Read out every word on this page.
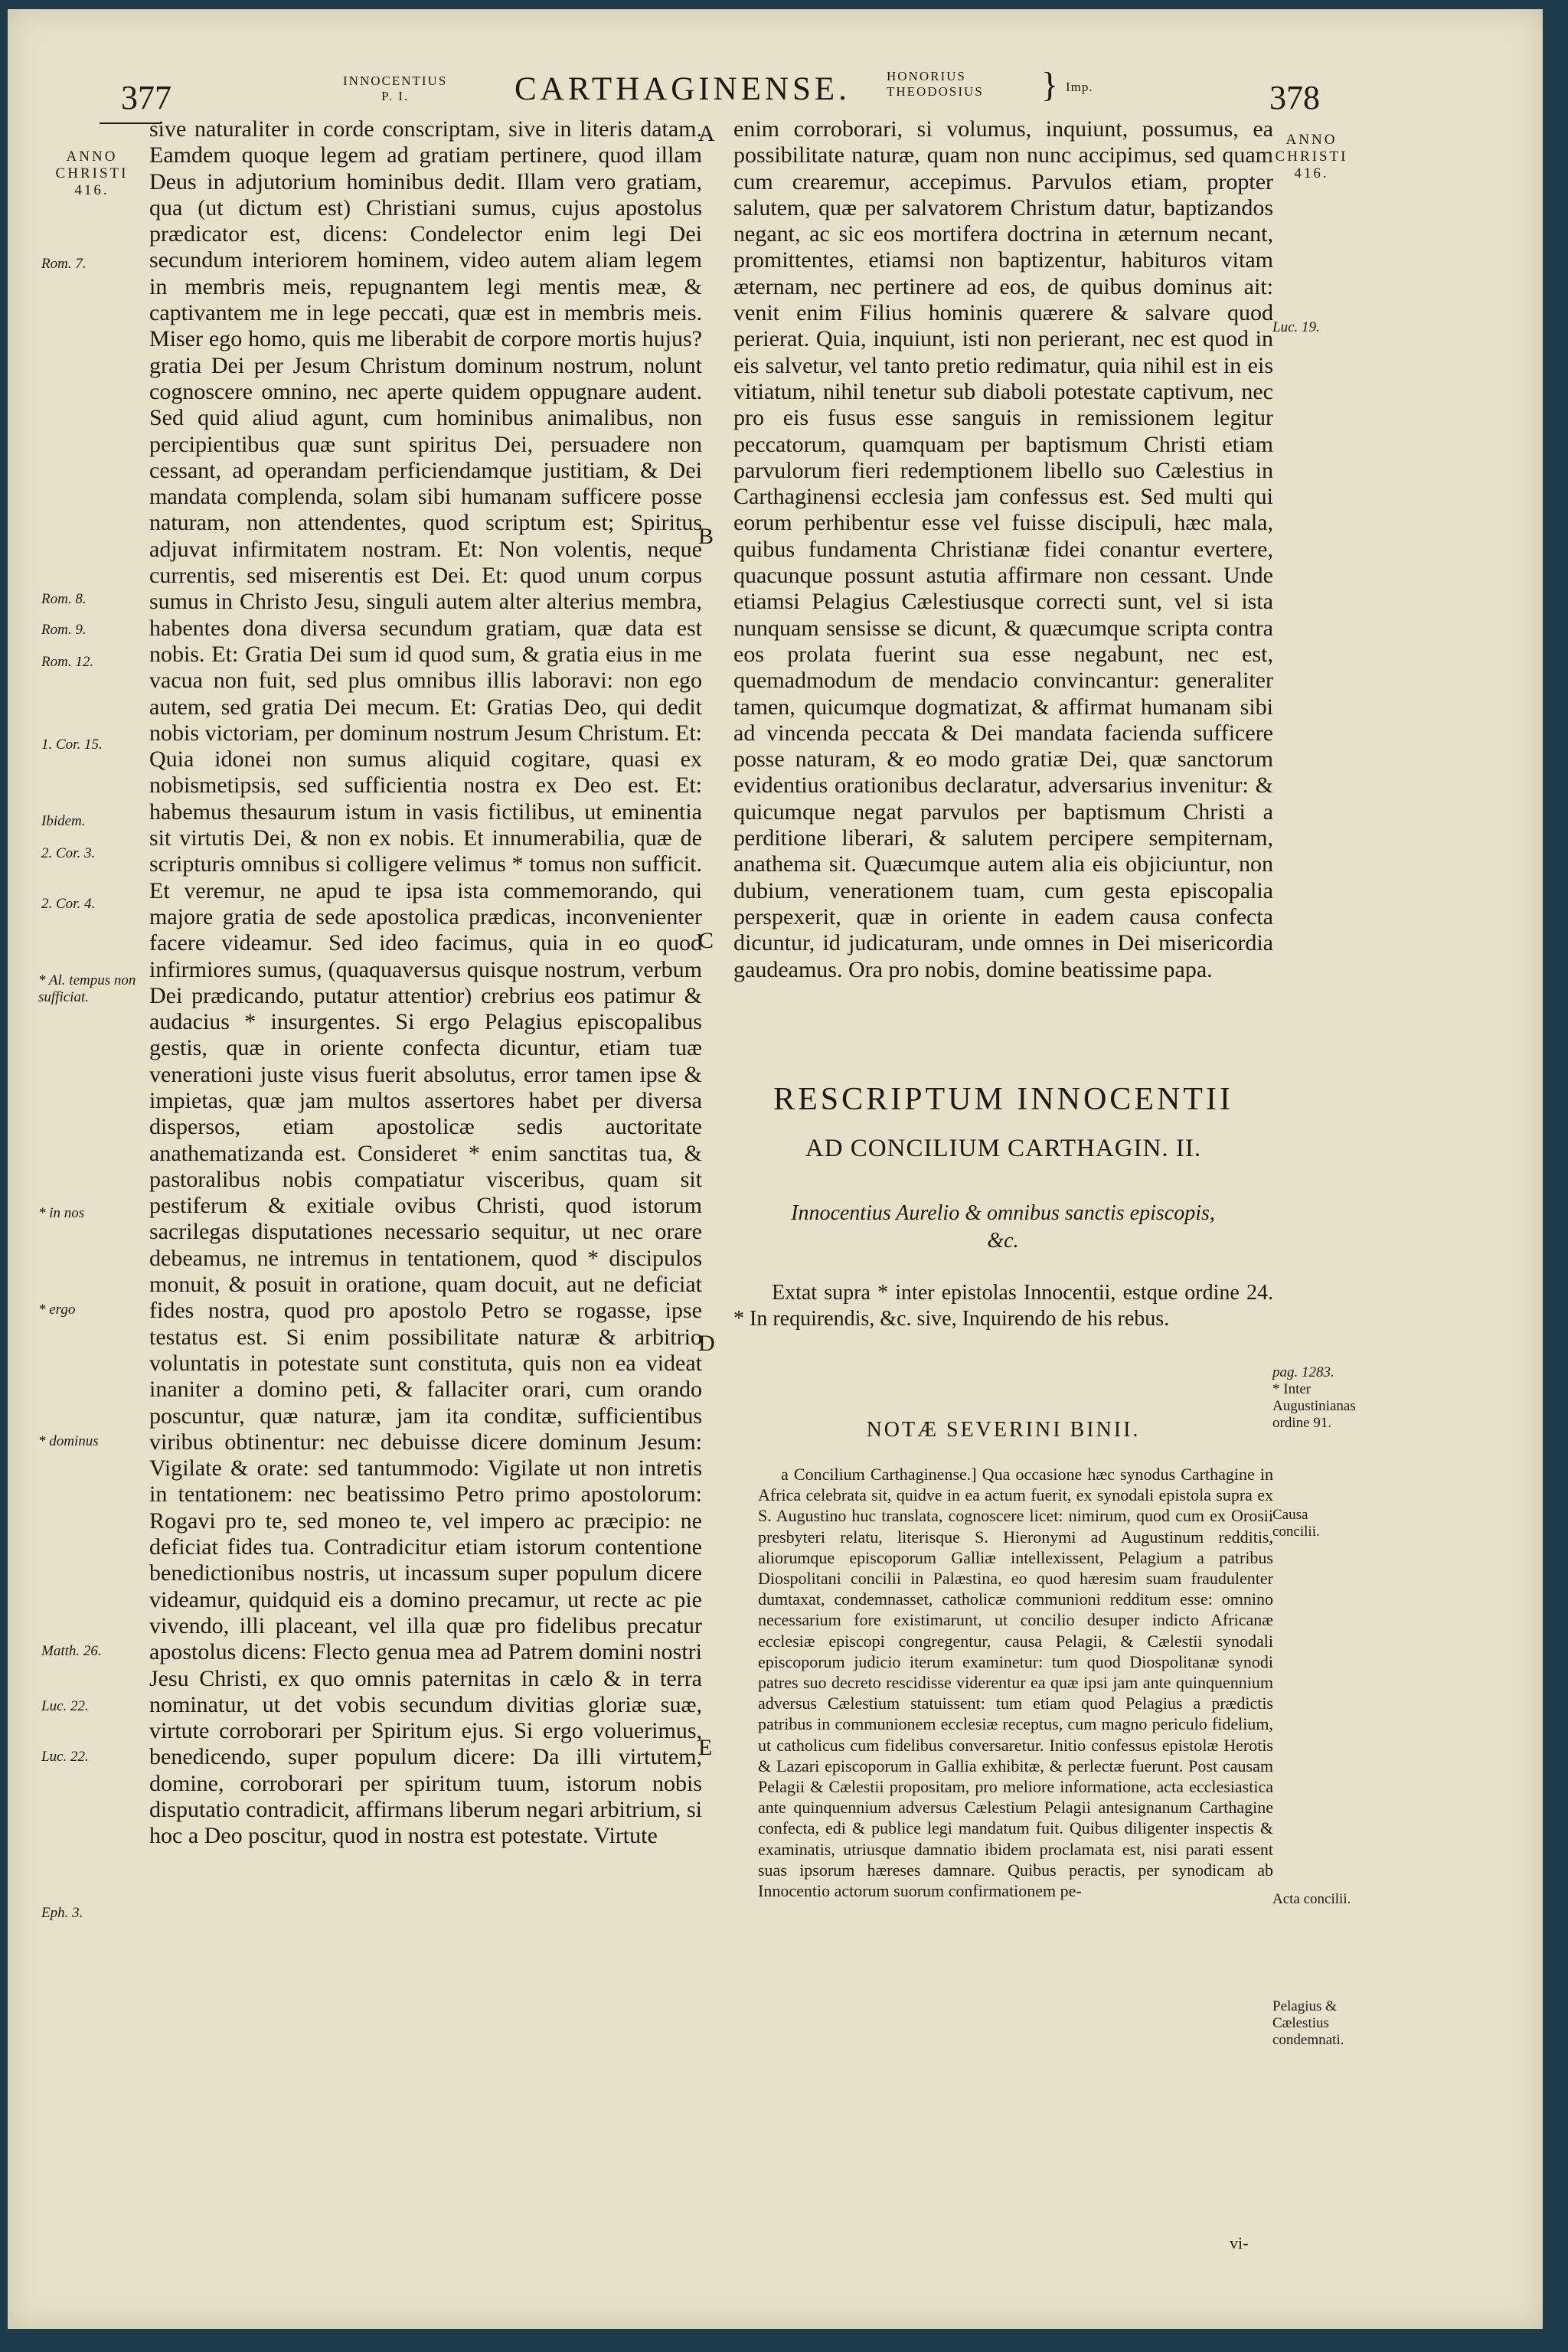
377	INNOCENTIUS
P. I.	CARTHAGINENSE.	HONORIUS
THEODOSIUS } Imp.	378
ANNO
CHRISTI
416.
ANNO
CHRISTI
416.
Rom. 7.
Rom. 8.
Rom. 9.
Rom. 12.
1. Cor. 15.
Ibidem.
2. Cor. 3.
2. Cor. 4.
* Al. tempus non sufficiat.
* in nos
* ergo
* dominus
Matth. 26.
Luc. 22.
Luc. 22.
Eph. 3.

sive naturaliter in corde conscriptam, sive in literis datam. Eamdem quoque legem ad gratiam pertinere, quod illam Deus in adjutorium hominibus dedit. Illam vero gratiam, qua (ut dictum est) Christiani sumus, cujus apostolus prædicator est, dicens: Condelector enim legi Dei secundum interiorem hominem, video autem aliam legem in membris meis, repugnantem legi mentis meæ, & captivantem me in lege peccati, quæ est in membris meis. Miser ego homo, quis me liberabit de corpore mortis hujus? gratia Dei per Jesum Christum dominum nostrum, nolunt cognoscere omnino, nec aperte quidem oppugnare audent. Sed quid aliud agunt, cum hominibus animalibus, non percipientibus quæ sunt spiritus Dei, persuadere non cessant, ad operandam perficiendamque justitiam, & Dei mandata complenda, solam sibi humanam sufficere posse naturam, non attendentes, quod scriptum est; Spiritus adjuvat infirmitatem nostram. Et: Non volentis, neque currentis, sed miserentis est Dei. Et: quod unum corpus sumus in Christo Jesu, singuli autem alter alterius membra, habentes dona diversa secundum gratiam, quæ data est nobis. Et: Gratia Dei sum id quod sum, & gratia eius in me vacua non fuit, sed plus omnibus illis laboravi: non ego autem, sed gratia Dei mecum. Et: Gratias Deo, qui dedit nobis victoriam, per dominum nostrum Jesum Christum. Et: Quia idonei non sumus aliquid cogitare, quasi ex nobismetipsis, sed sufficientia nostra ex Deo est. Et: habemus thesaurum istum in vasis fictilibus, ut eminentia sit virtutis Dei, & non ex nobis. Et innumerabilia, quæ de scripturis omnibus si colligere velimus * tomus non sufficit. Et veremur, ne apud te ipsa ista commemorando, qui majore gratia de sede apostolica prædicas, inconvenienter facere videamur. Sed ideo facimus, quia in eo quod infirmiores sumus, (quaquaversus quisque nostrum, verbum Dei prædicando, putatur attentior) crebrius eos patimur & audacius * insurgentes. Si ergo Pelagius episcopalibus gestis, quæ in oriente confecta dicuntur, etiam tuæ venerationi juste visus fuerit absolutus, error tamen ipse & impietas, quæ jam multos assertores habet per diversa dispersos, etiam apostolicæ sedis auctoritate anathematizanda est. Consideret * enim sanctitas tua, & pastoralibus nobis compatiatur visceribus, quam sit pestiferum & exitiale ovibus Christi, quod istorum sacrilegas disputationes necessario sequitur, ut nec orare debeamus, ne intremus in tentationem, quod * discipulos monuit, & posuit in oratione, quam docuit, aut ne deficiat fides nostra, quod pro apostolo Petro se rogasse, ipse testatus est. Si enim possibilitate naturæ & arbitrio voluntatis in potestate sunt constituta, quis non ea videat inaniter a domino peti, & fallaciter orari, cum orando poscuntur, quæ naturæ, jam ita conditæ, sufficientibus viribus obtinentur: nec debuisse dicere dominum Jesum: Vigilate & orate: sed tantummodo: Vigilate ut non intretis in tentationem: nec beatissimo Petro primo apostolorum: Rogavi pro te, sed moneo te, vel impero ac præcipio: ne deficiat fides tua. Contradicitur etiam istorum contentione benedictionibus nostris, ut incassum super populum dicere videamur, quidquid eis a domino precamur, ut recte ac pie vivendo, illi placeant, vel illa quæ pro fidelibus precatur apostolus dicens: Flecto genua mea ad Patrem domini nostri Jesu Christi, ex quo omnis paternitas in cælo & in terra nominatur, ut det vobis secundum divitias gloriæ suæ, virtute corroborari per Spiritum ejus. Si ergo voluerimus, benedicendo, super populum dicere: Da illi virtutem, domine, corroborari per spiritum tuum, istorum nobis disputatio contradicit, affirmans liberum negari arbitrium, si hoc a Deo poscitur, quod in nostra est potestate. Virtute

A
B
C
D
E

enim corroborari, si volumus, inquiunt, possumus, ea possibilitate naturæ, quam non nunc accipimus, sed quam cum crearemur, accepimus. Parvulos etiam, propter salutem, quæ per salvatorem Christum datur, baptizandos negant, ac sic eos mortifera doctrina in æternum necant, promittentes, etiamsi non baptizentur, habituros vitam æternam, nec pertinere ad eos, de quibus dominus ait: venit enim Filius hominis quærere & salvare quod perierat. Quia, inquiunt, isti non perierant, nec est quod in eis salvetur, vel tanto pretio redimatur, quia nihil est in eis vitiatum, nihil tenetur sub diaboli potestate captivum, nec pro eis fusus esse sanguis in remissionem legitur peccatorum, quamquam per baptismum Christi etiam parvulorum fieri redemptionem libello suo Cælestius in Carthaginensi ecclesia jam confessus est. Sed multi qui eorum perhibentur esse vel fuisse discipuli, hæc mala, quibus fundamenta Christianæ fidei conantur evertere, quacunque possunt astutia affirmare non cessant. Unde etiamsi Pelagius Cælestiusque correcti sunt, vel si ista nunquam sensisse se dicunt, & quæcumque scripta contra eos prolata fuerint sua esse negabunt, nec est, quemadmodum de mendacio convincantur: generaliter tamen, quicumque dogmatizat, & affirmat humanam sibi ad vincenda peccata & Dei mandata facienda sufficere posse naturam, & eo modo gratiæ Dei, quæ sanctorum evidentius orationibus declaratur, adversarius invenitur: & quicumque negat parvulos per baptismum Christi a perditione liberari, & salutem percipere sempiternam, anathema sit. Quæcumque autem alia eis objiciuntur, non dubium, venerationem tuam, cum gesta episcopalia perspexerit, quæ in oriente in eadem causa confecta dicuntur, id judicaturam, unde omnes in Dei misericordia gaudeamus. Ora pro nobis, domine beatissime papa.

RESCRIPTUM INNOCENTII
AD CONCILIUM CARTHAGIN. II.
Innocentius Aurelio & omnibus sanctis episcopis, &c.
Extat supra * inter epistolas Innocentii, estque ordine 24. * In requirendis, &c. sive, Inquirendo de his rebus.
NOTÆ SEVERINI BINII.

a Concilium Carthaginense.] Qua occasione hæc synodus Carthagine in Africa celebrata sit, quidve in ea actum fuerit, ex synodali epistola supra ex S. Augustino huc translata, cognoscere licet: nimirum, quod cum ex Orosii presbyteri relatu, literisque S. Hieronymi ad Augustinum redditis, aliorumque episcoporum Galliæ intellexissent, Pelagium a patribus Diospolitani concilii in Palæstina, eo quod hæresim suam fraudulenter dumtaxat, condemnasset, catholicæ communioni redditum esse: omnino necessarium fore existimarunt, ut concilio desuper indicto Africanæ ecclesiæ episcopi congregentur, causa Pelagii, & Cælestii synodali episcoporum judicio iterum examinetur: tum quod Diospolitanæ synodi patres suo decreto rescidisse viderentur ea quæ ipsi jam ante quinquennium adversus Cælestium statuissent: tum etiam quod Pelagius a prædictis patribus in communionem ecclesiæ receptus, cum magno periculo fidelium, ut catholicus cum fidelibus conversaretur. Initio confessus epistolæ Herotis & Lazari episcoporum in Gallia exhibitæ, & perlectæ fuerunt. Post causam Pelagii & Cælestii propositam, pro meliore informatione, acta ecclesiastica ante quinquennium adversus Cælestium Pelagii antesignanum Carthagine confecta, edi & publice legi mandatum fuit. Quibus diligenter inspectis & examinatis, utriusque damnatio ibidem proclamata est, nisi parati essent suas ipsorum hæreses damnare. Quibus peractis, per synodicam ab Innocentio actorum suorum confirmationem pe-

vi-
Luc. 19.
pag. 1283.
* Inter Augustinianas ordine 91.
Causa concilii.
Acta concilii.
Pelagius & Cælestius condemnati.
